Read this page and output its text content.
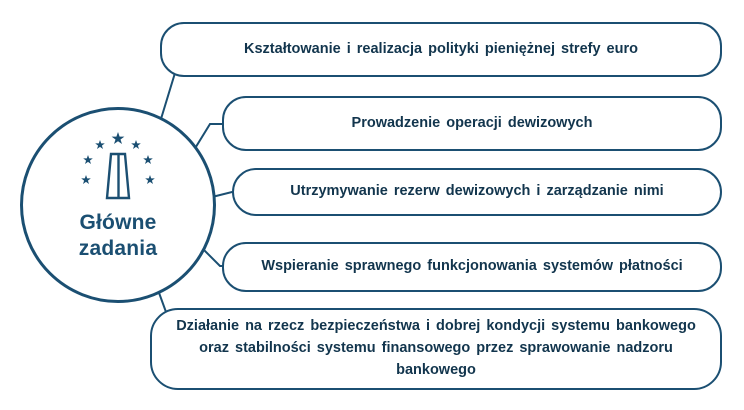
Główne
zadania
Kształtowanie i realizacja polityki pieniężnej strefy euro
Prowadzenie operacji dewizowych
Utrzymywanie rezerw dewizowych i zarządzanie nimi
Wspieranie sprawnego funkcjonowania systemów płatności
Działanie na rzecz bezpieczeństwa i dobrej kondycji systemu bankowego oraz stabilności systemu finansowego przez sprawowanie nadzoru bankowego
